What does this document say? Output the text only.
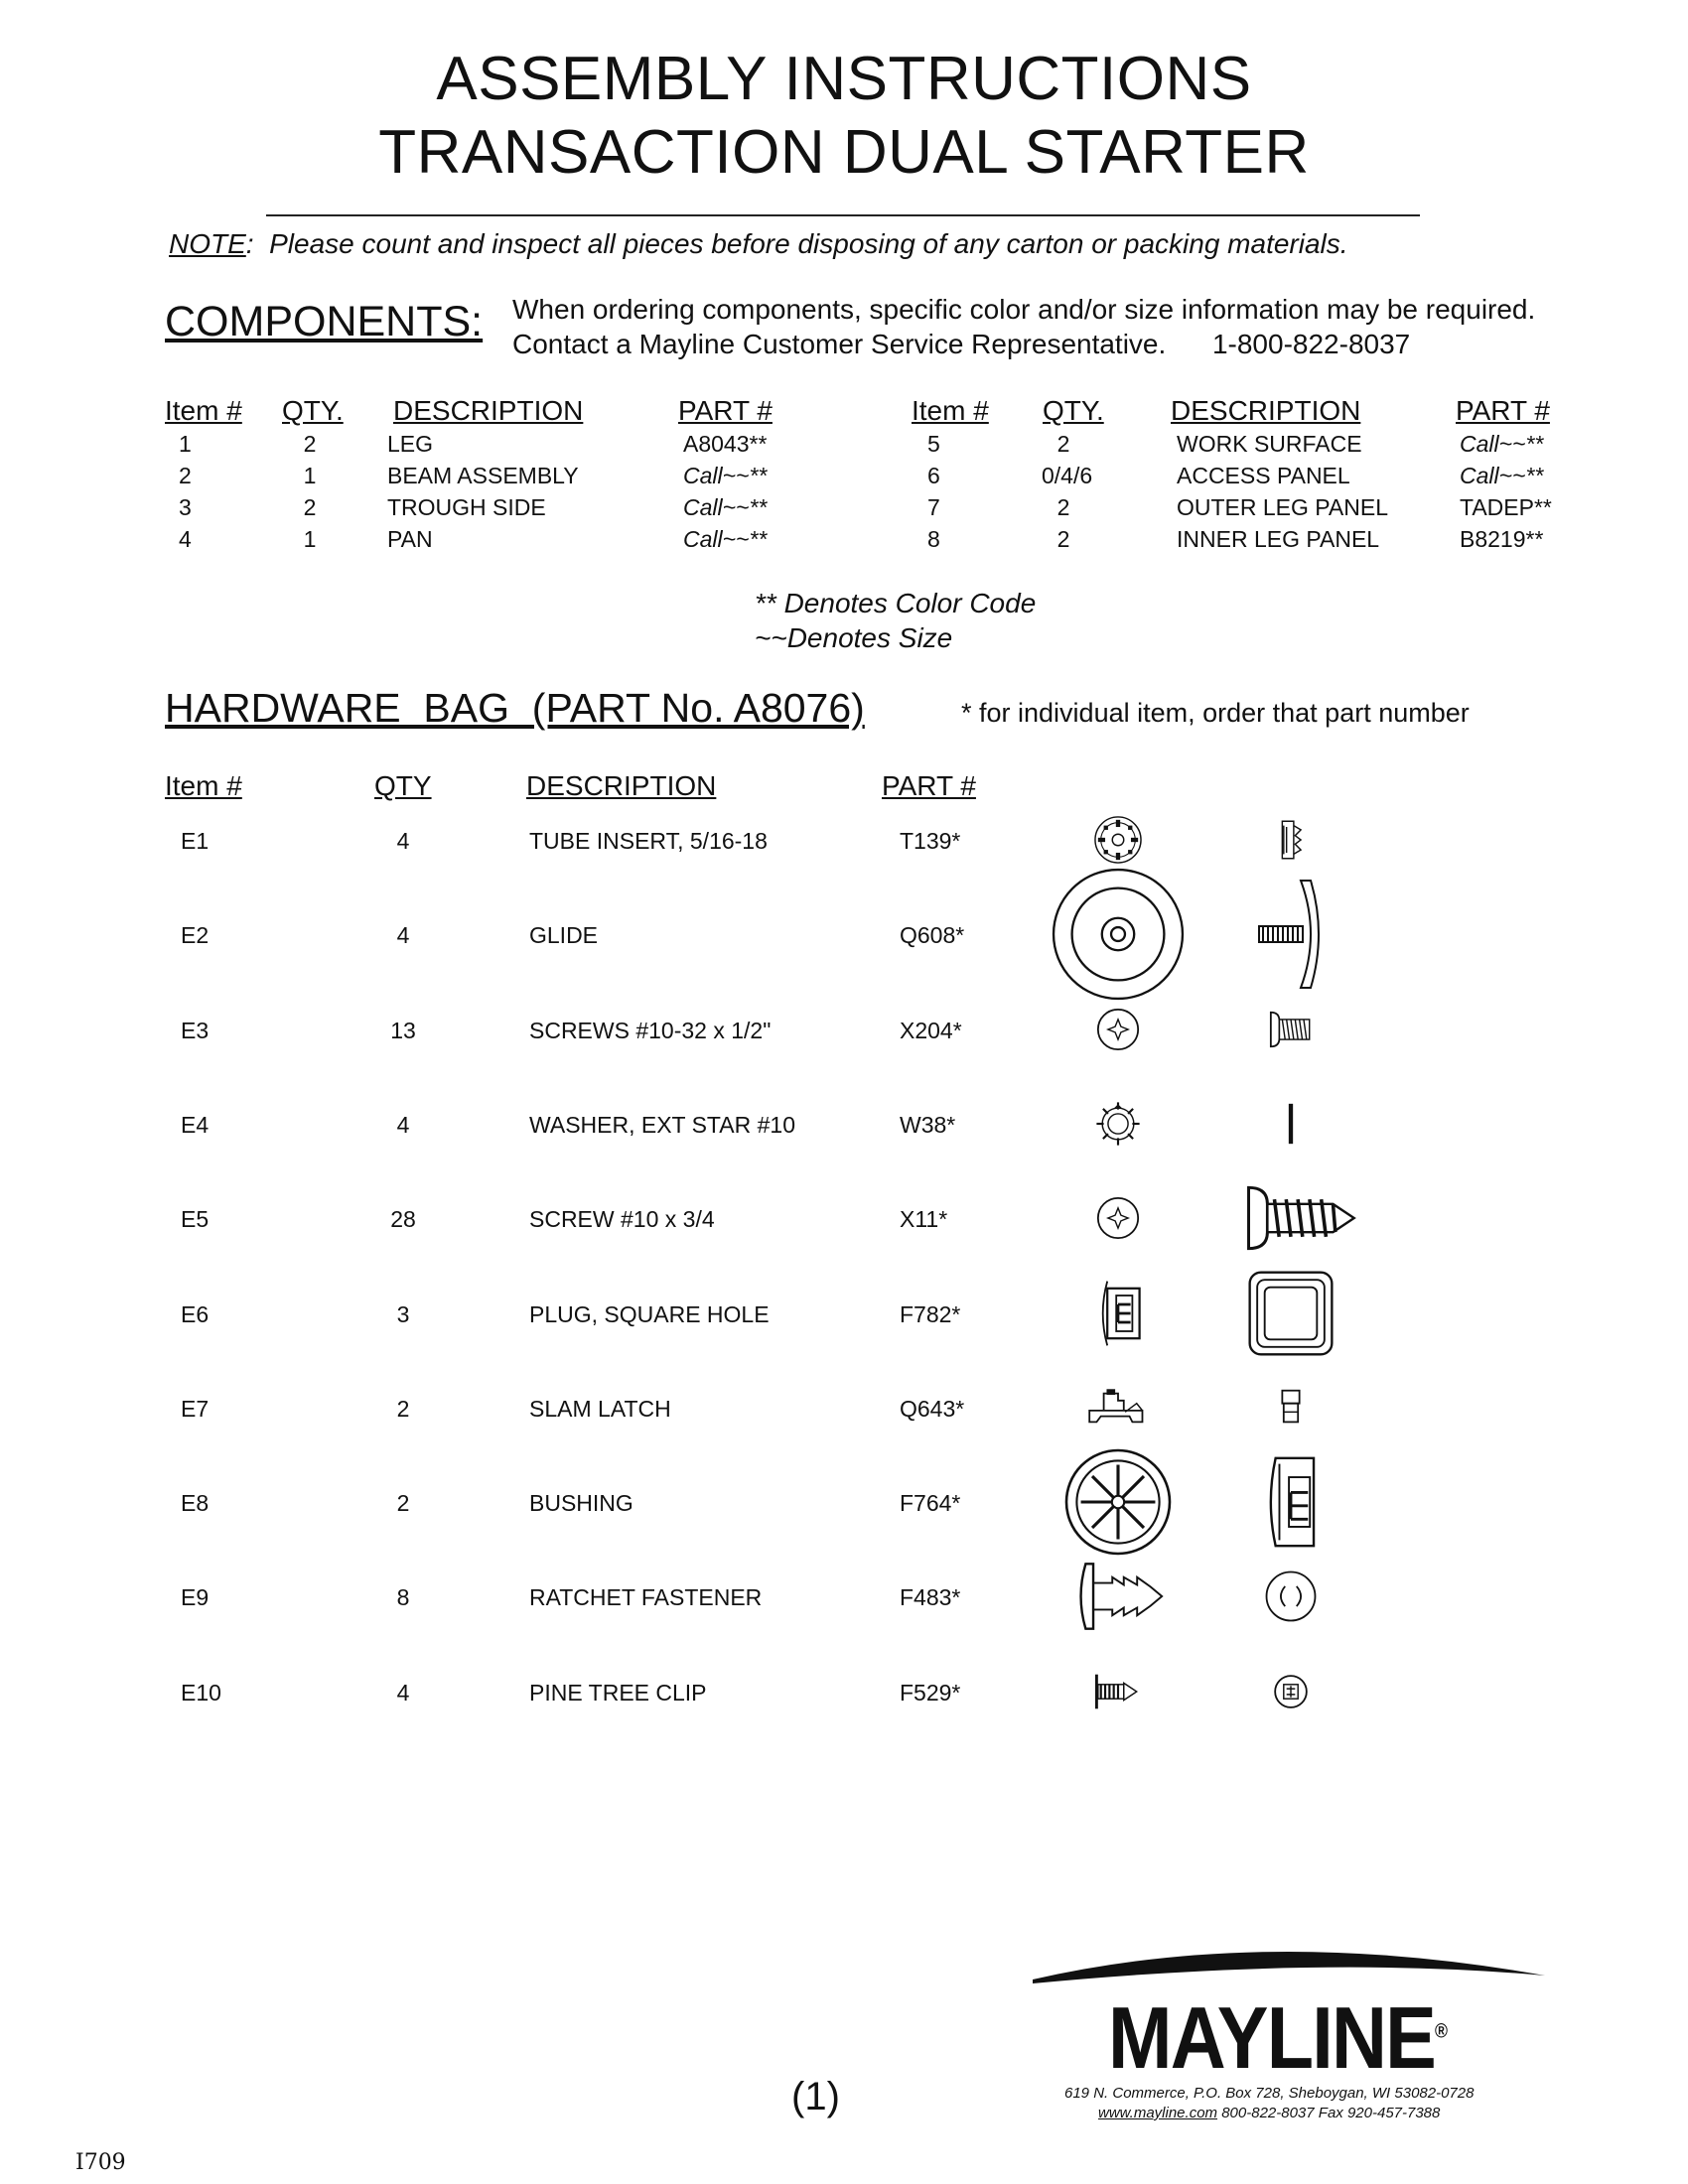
ASSEMBLY INSTRUCTIONS
TRANSACTION DUAL STARTER
NOTE: Please count and inspect all pieces before disposing of any carton or packing materials.
COMPONENTS: When ordering components, specific color and/or size information may be required.
Contact a Mayline Customer Service Representative.      1-800-822-8037
Item # QTY. DESCRIPTION	PART #	Item # QTY. DESCRIPTION	PART #
1	2	LEG	A8043**
2	1	BEAM ASSEMBLY	Call~~**
3	2	TROUGH SIDE	Call~~**
4	1	PAN	Call~~**
5	2	WORK SURFACE	Call~~**
6	0/4/6	ACCESS PANEL	Call~~**
7	2	OUTER LEG PANEL	TADEP**
8	2	INNER LEG PANEL	B8219**
** Denotes Color Code
~~Denotes Size
HARDWARE  BAG  (PART No. A8076)	* for individual item, order that part number
Item #	QTY	DESCRIPTION	PART #
E1	4	TUBE INSERT, 5/16-18	T139*
E2	4	GLIDE	Q608*
E3	13	SCREWS #10-32 x 1/2"	X204*
E4	4	WASHER, EXT STAR #10	W38*
E5	28	SCREW #10 x 3/4	X11*
E6	3	PLUG, SQUARE HOLE	F782*
E7	2	SLAM LATCH	Q643*
E8	2	BUSHING	F764*
E9	8	RATCHET FASTENER	F483*
E10	4	PINE TREE CLIP	F529*
MAYLINE®
619 N. Commerce, P.O. Box 728, Sheboygan, WI 53082-0728
www.mayline.com 800-822-8037 Fax 920-457-7388
(1)
I709
